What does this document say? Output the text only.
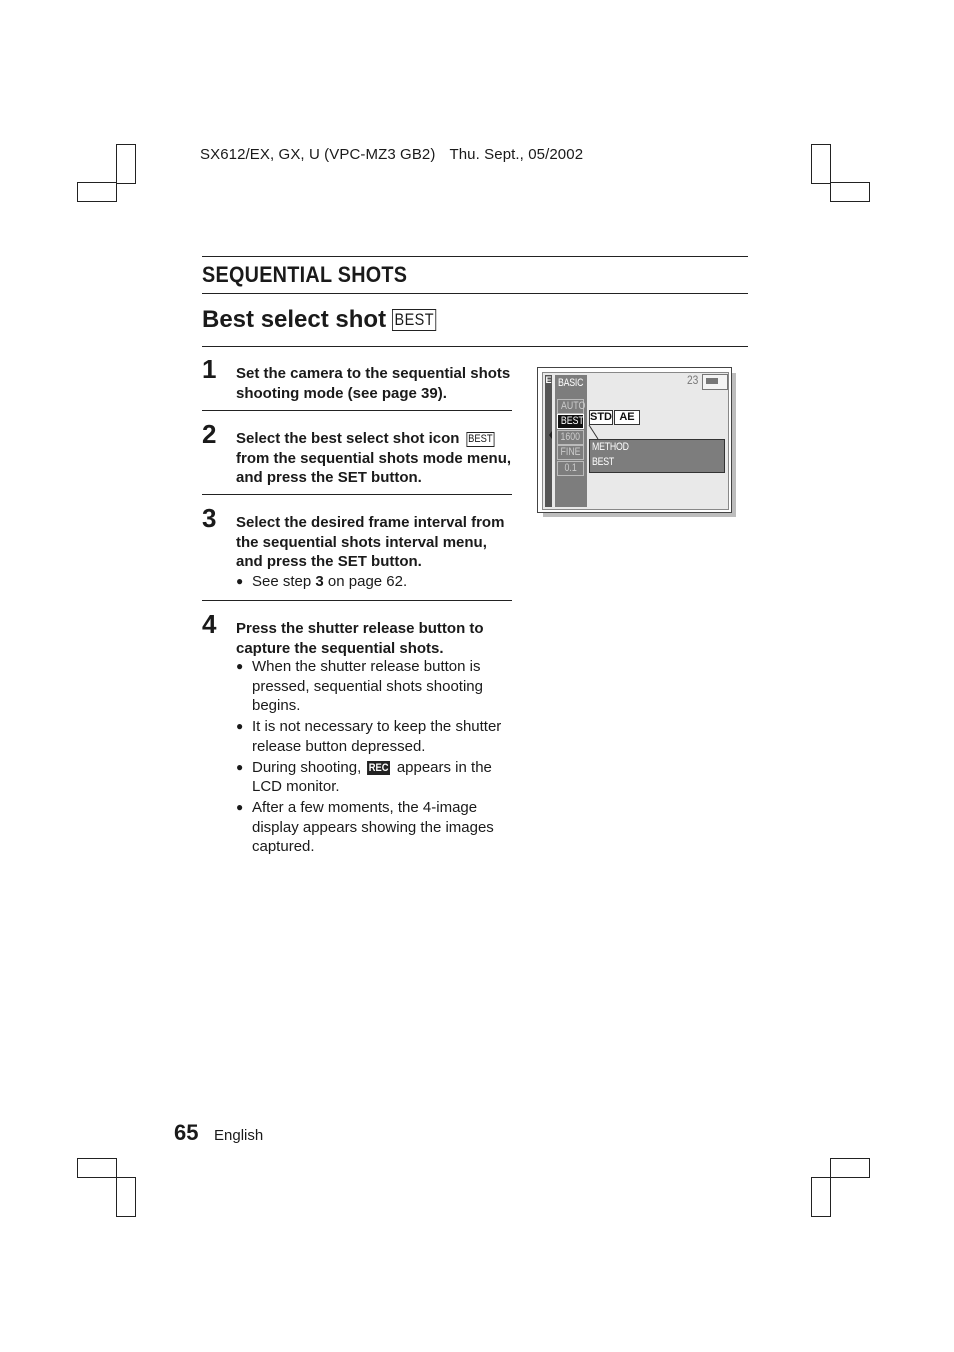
SX612/EX, GX, U (VPC-MZ3 GB2) Thu. Sept., 05/2002
SEQUENTIAL SHOTS
Best select shot BEST
1 Set the camera to the sequential shots shooting mode (see page 39).
2 Select the best select shot icon BEST from the sequential shots mode menu, and press the SET button.
3 Select the desired frame interval from the sequential shots interval menu, and press the SET button.
● See step 3 on page 62.
4 Press the shutter release button to capture the sequential shots.
● When the shutter release button is pressed, sequential shots shooting begins.
● It is not necessary to keep the shutter release button depressed.
● During shooting, REC appears in the LCD monitor.
● After a few moments, the 4-image display appears showing the images captured.
E BASIC
AUTO
BEST
1600
FINE
0.1
STD AE
METHOD
BEST
23
65 English
